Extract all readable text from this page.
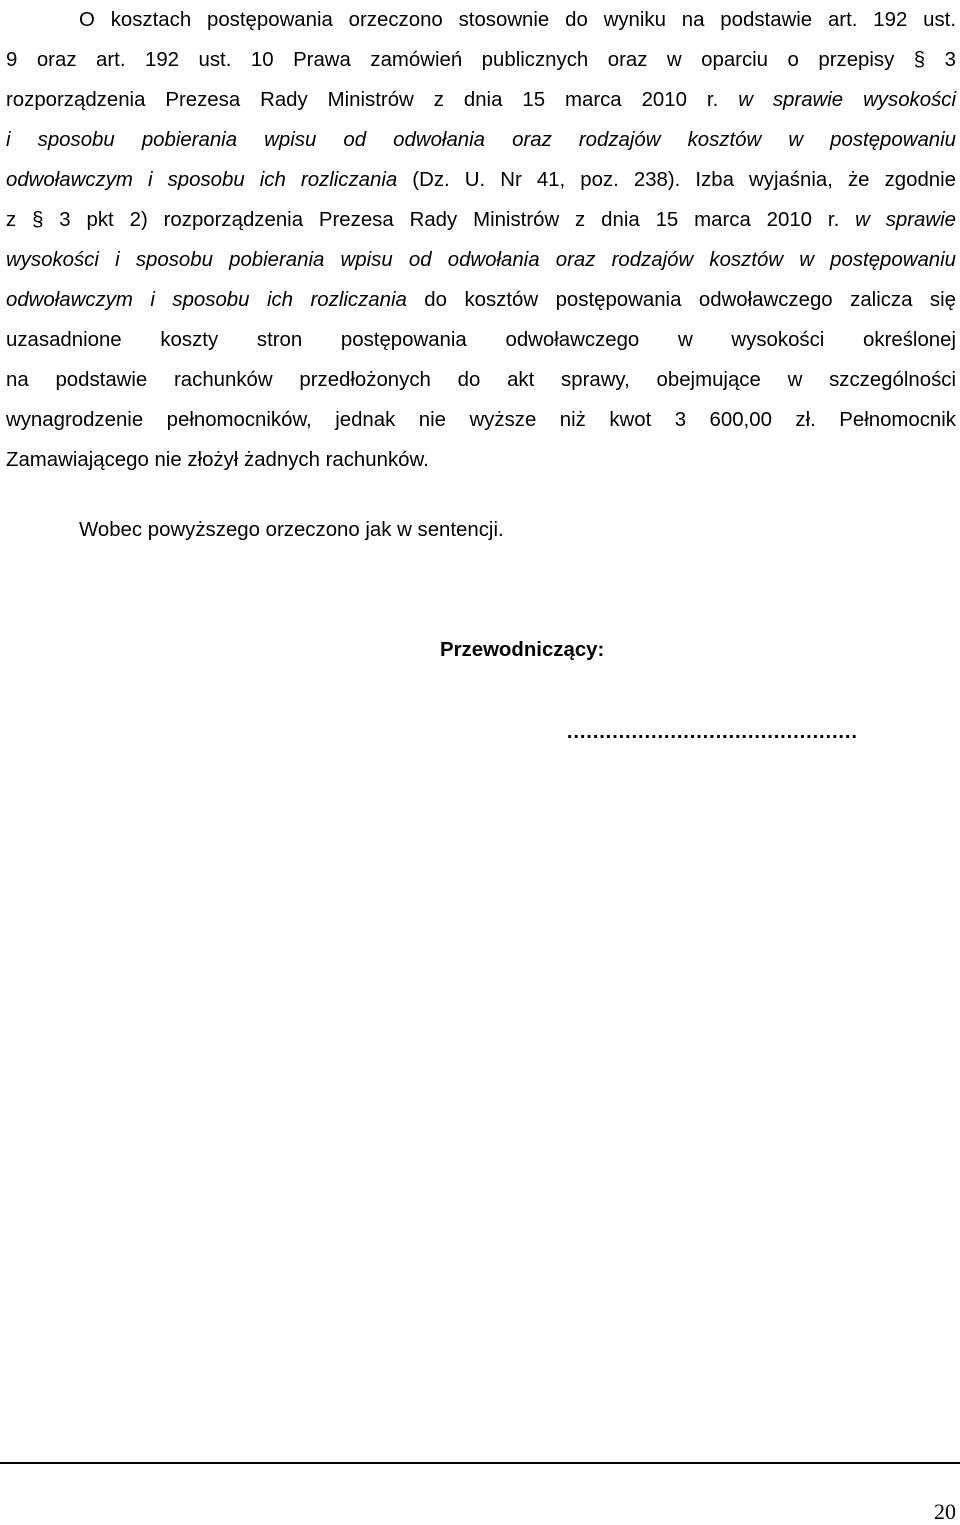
O kosztach postępowania orzeczono stosownie do wyniku na podstawie art. 192 ust.
9 oraz art. 192 ust. 10 Prawa zamówień publicznych oraz w oparciu o przepisy § 3
rozporządzenia Prezesa Rady Ministrów z dnia 15 marca 2010 r. w sprawie wysokości
i sposobu pobierania wpisu od odwołania oraz rodzajów kosztów w postępowaniu
odwoławczym i sposobu ich rozliczania (Dz. U. Nr 41, poz. 238). Izba wyjaśnia, że zgodnie
z § 3 pkt 2) rozporządzenia Prezesa Rady Ministrów z dnia 15 marca 2010 r. w sprawie
wysokości i sposobu pobierania wpisu od odwołania oraz rodzajów kosztów w postępowaniu
odwoławczym i sposobu ich rozliczania do kosztów postępowania odwoławczego zalicza się
uzasadnione koszty stron postępowania odwoławczego w wysokości określonej
na podstawie rachunków przedłożonych do akt sprawy, obejmujące w szczególności
wynagrodzenie pełnomocników, jednak nie wyższe niż kwot 3 600,00 zł. Pełnomocnik
Zamawiającego nie złożył żadnych rachunków.

Wobec powyższego orzeczono jak w sentencji.

Przewodniczący:

………………………………………

20
